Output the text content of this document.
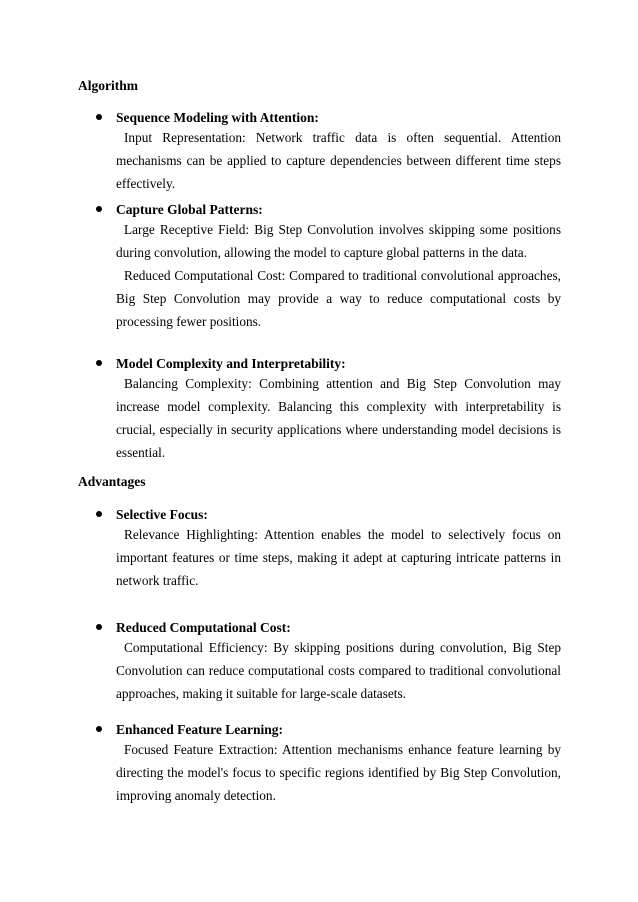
Algorithm
Sequence Modeling with Attention:

Input Representation: Network traffic data is often sequential. Attention mechanisms can be applied to capture dependencies between different time steps effectively.

Capture Global Patterns:

Large Receptive Field: Big Step Convolution involves skipping some positions during convolution, allowing the model to capture global patterns in the data.

Reduced Computational Cost: Compared to traditional convolutional approaches, Big Step Convolution may provide a way to reduce computational costs by processing fewer positions.

Model Complexity and Interpretability:

Balancing Complexity: Combining attention and Big Step Convolution may increase model complexity. Balancing this complexity with interpretability is crucial, especially in security applications where understanding model decisions is essential.

Advantages
Selective Focus:

Relevance Highlighting: Attention enables the model to selectively focus on important features or time steps, making it adept at capturing intricate patterns in network traffic.

Reduced Computational Cost:

Computational Efficiency: By skipping positions during convolution, Big Step Convolution can reduce computational costs compared to traditional convolutional approaches, making it suitable for large-scale datasets.

Enhanced Feature Learning:

Focused Feature Extraction: Attention mechanisms enhance feature learning by directing the model's focus to specific regions identified by Big Step Convolution, improving anomaly detection.
